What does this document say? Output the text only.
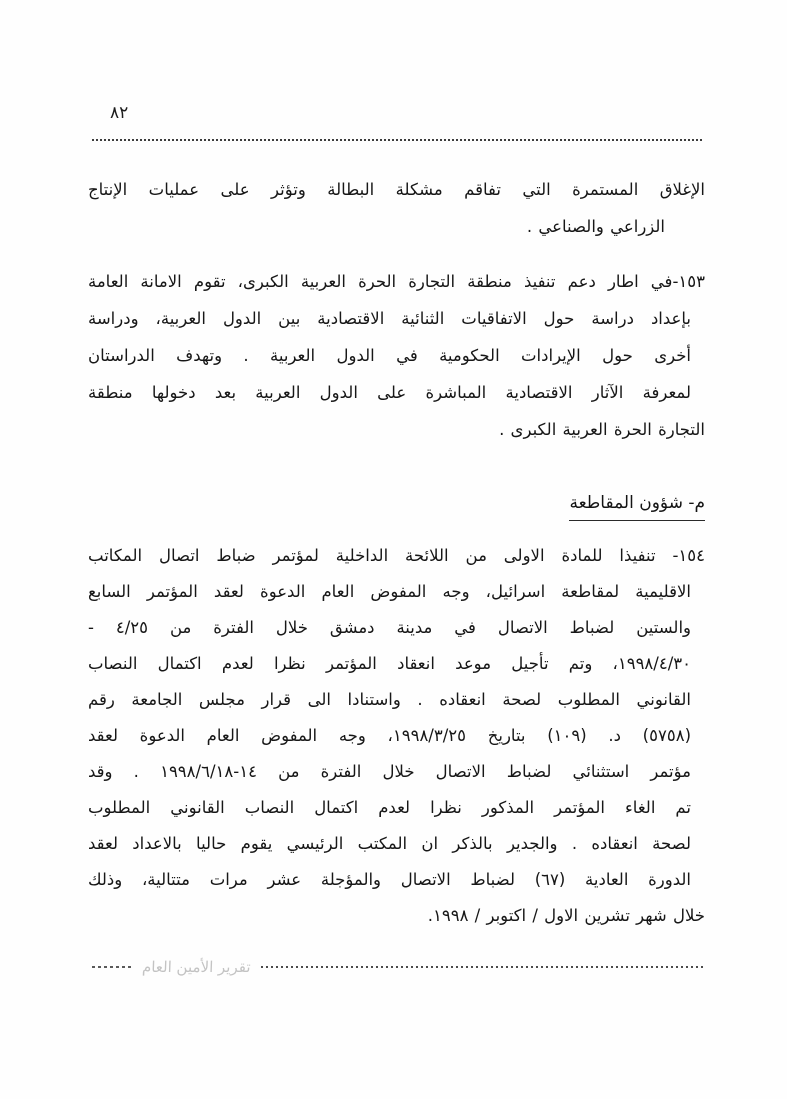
٨٢
الإغلاق المستمرة التي تفاقم مشكلة البطالة وتؤثر على عمليات الإنتاج
الزراعي والصناعي .
١٥٣-في اطار دعم تنفيذ منطقة التجارة الحرة العربية الكبرى، تقوم الامانة العامة
بإعداد دراسة حول الاتفاقيات الثنائية الاقتصادية بين الدول العربية، ودراسة
أخرى حول الإيرادات الحكومية في الدول العربية . وتهدف الدراستان
لمعرفة الآثار الاقتصادية المباشرة على الدول العربية بعد دخولها منطقة
التجارة الحرة العربية الكبرى .
م- شؤون المقاطعة
١٥٤- تنفيذا للمادة الاولى من اللائحة الداخلية لمؤتمر ضباط اتصال المكاتب
الاقليمية لمقاطعة اسرائيل، وجه المفوض العام الدعوة لعقد المؤتمر السابع
والستين لضباط الاتصال في مدينة دمشق خلال الفترة من ٤/٢٥ -
١٩٩٨/٤/٣٠، وتم تأجيل موعد انعقاد المؤتمر نظرا لعدم اكتمال النصاب
القانوني المطلوب لصحة انعقاده . واستنادا الى قرار مجلس الجامعة رقم
(٥٧٥٨) د. (١٠٩) بتاريخ ١٩٩٨/٣/٢٥، وجه المفوض العام الدعوة لعقد
مؤتمر استثنائي لضباط الاتصال خلال الفترة من ١٤-١٩٩٨/٦/١٨ . وقد
تم الغاء المؤتمر المذكور نظرا لعدم اكتمال النصاب القانوني المطلوب
لصحة انعقاده . والجدير بالذكر ان المكتب الرئيسي يقوم حاليا بالاعداد لعقد
الدورة العادية (٦٧) لضباط الاتصال والمؤجلة عشر مرات متتالية، وذلك
خلال شهر تشرين الاول / اكتوبر / ١٩٩٨.
تقرير الأمين العام
